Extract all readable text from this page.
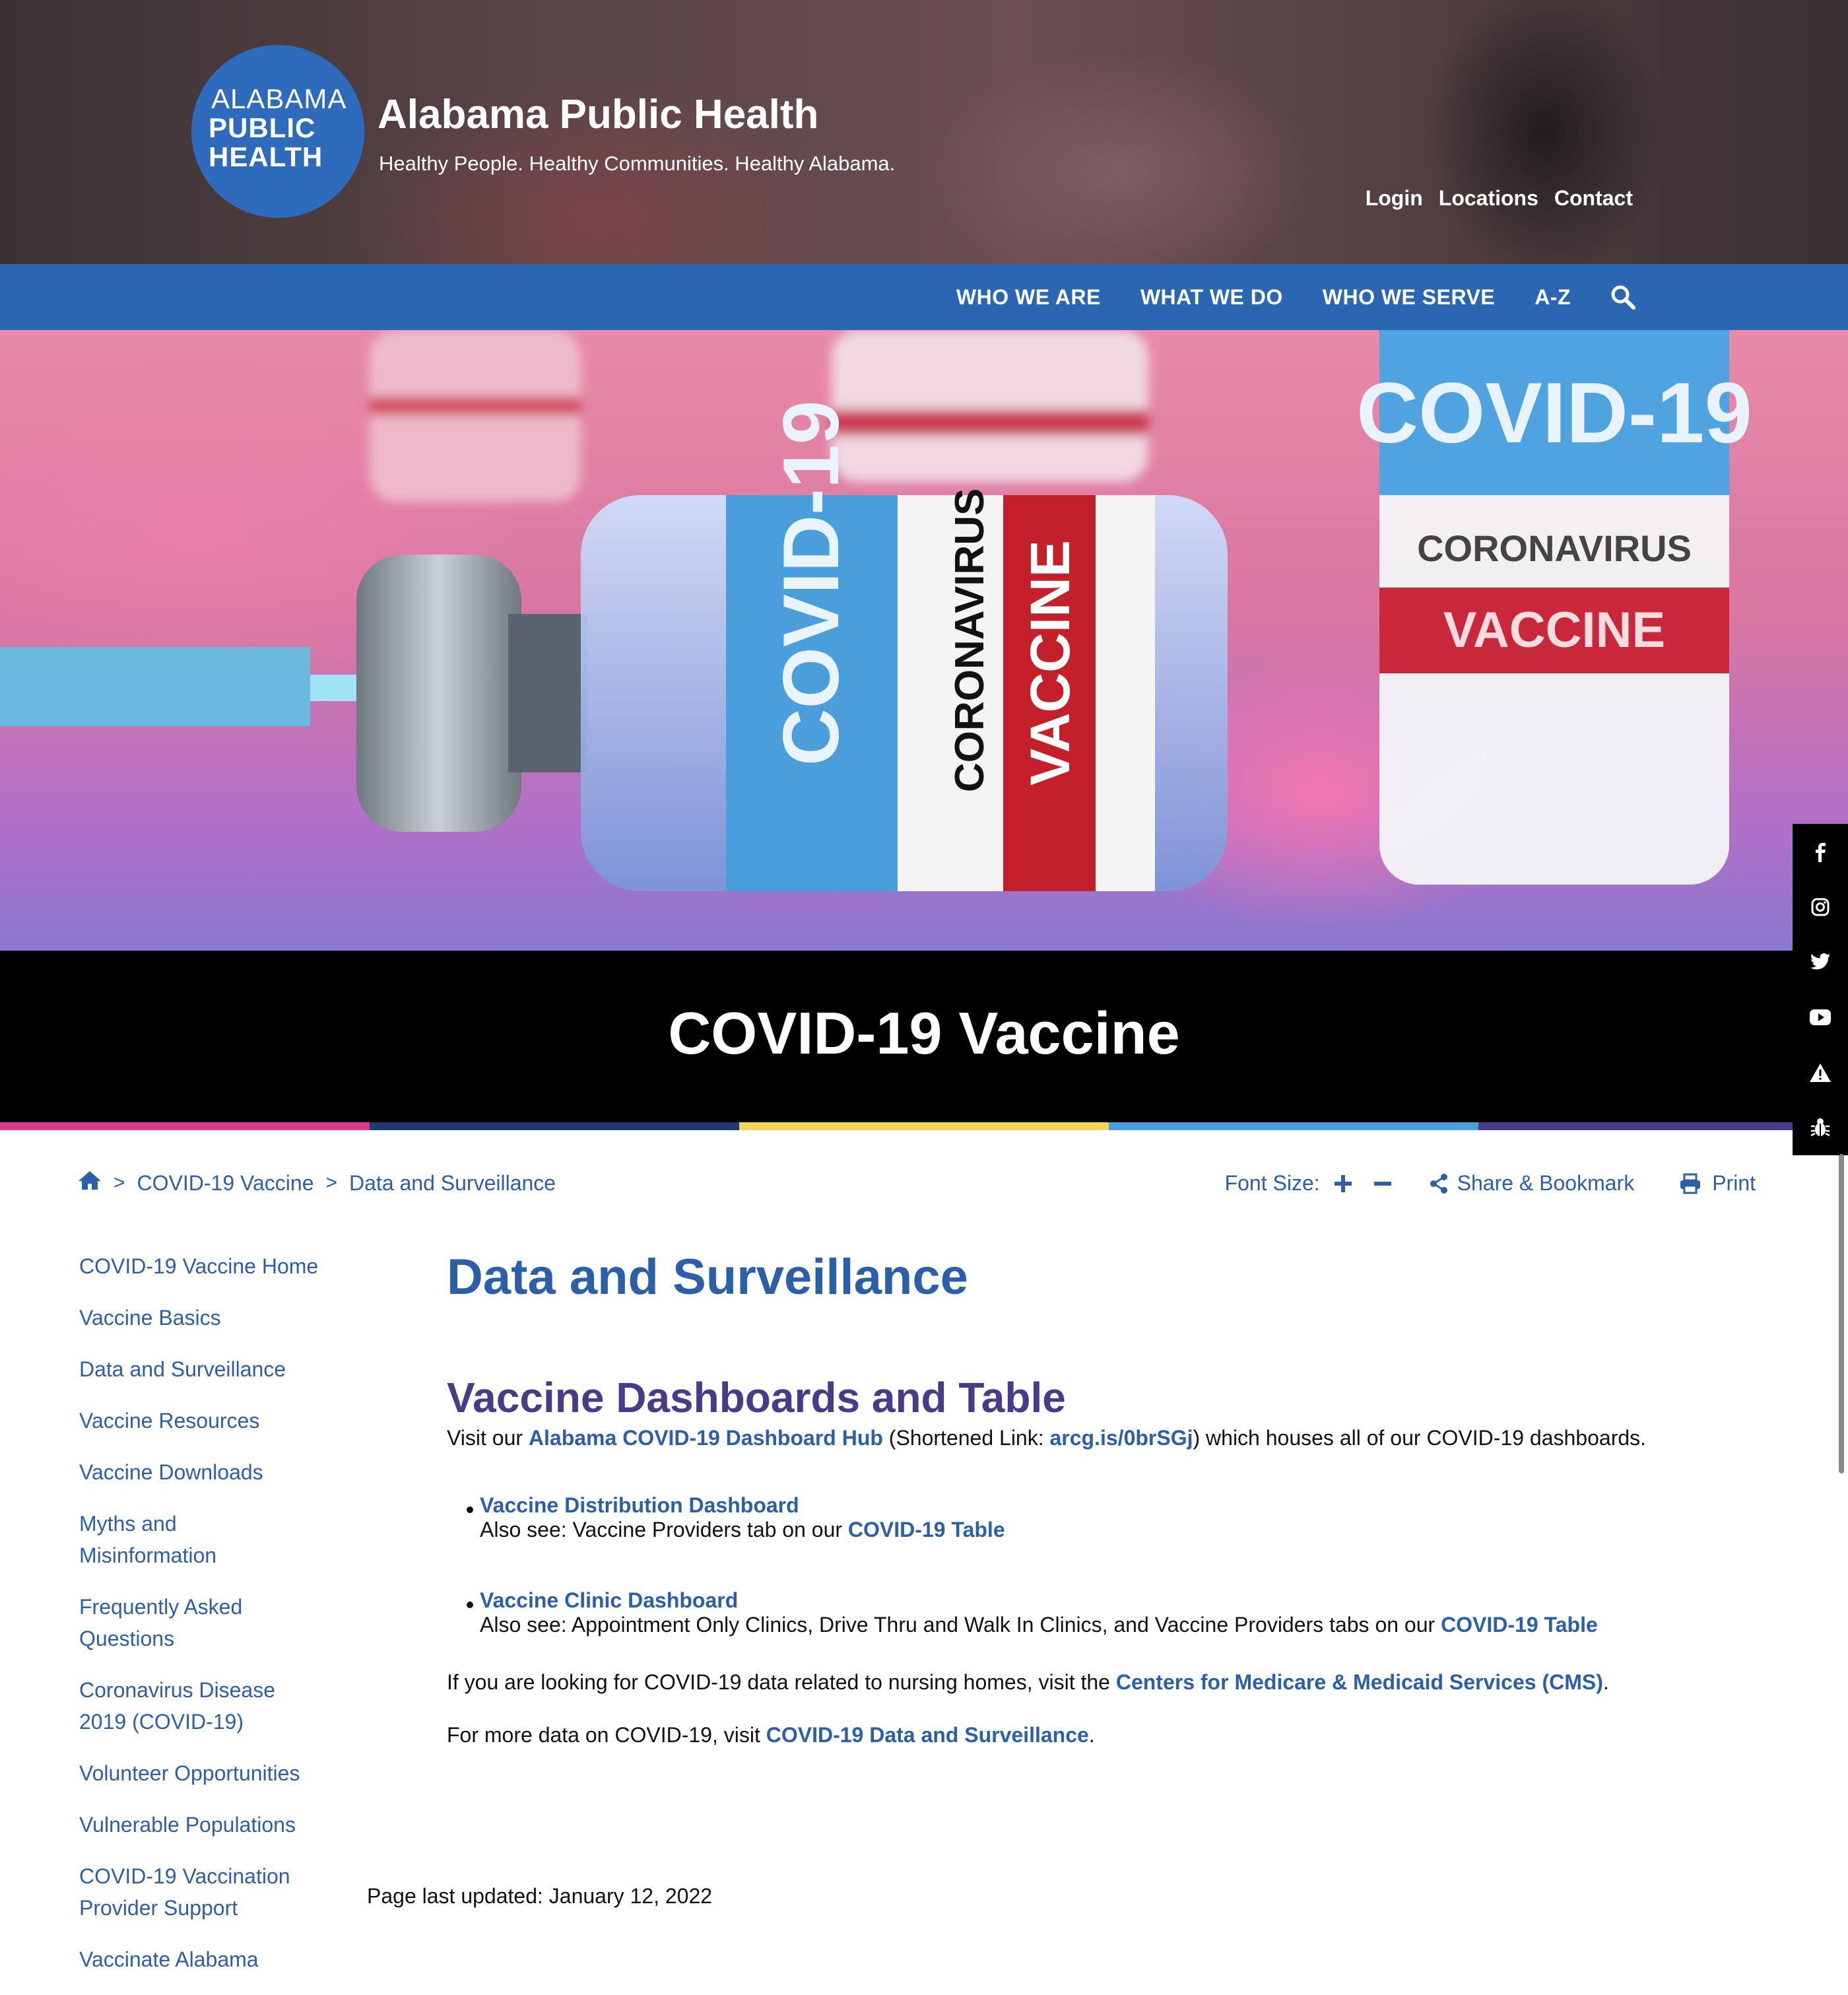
ALABAMA
PUBLIC
HEALTH
Alabama Public Health
Healthy People. Healthy Communities. Healthy Alabama.
Login Locations Contact
WHO WE ARE WHAT WE DO WHO WE SERVE A-Z
COVID-19
CORONAVIRUS
VACCINE
COVID-19 CORONAVIRUS VACCINE
COVID-19 Vaccine
> COVID-19 Vaccine > Data and Surveillance	Font Size:	Share & Bookmark	Print
COVID-19 Vaccine Home
Vaccine Basics
Data and Surveillance
Vaccine Resources
Vaccine Downloads
Myths and
Misinformation
Frequently Asked
Questions
Coronavirus Disease
2019 (COVID-19)
Volunteer Opportunities
Vulnerable Populations
COVID-19 Vaccination
Provider Support
Vaccinate Alabama
Data and Surveillance
Vaccine Dashboards and Table

Visit our Alabama COVID-19 Dashboard Hub (Shortened Link: arcg.is/0brSGj) which houses all of our COVID-19 dashboards.

Vaccine Distribution Dashboard
Also see: Vaccine Providers tab on our COVID-19 Table
Vaccine Clinic Dashboard
Also see: Appointment Only Clinics, Drive Thru and Walk In Clinics, and Vaccine Providers tabs on our COVID-19 Table

If you are looking for COVID-19 data related to nursing homes, visit the Centers for Medicare & Medicaid Services (CMS).

For more data on COVID-19, visit COVID-19 Data and Surveillance.

Page last updated: January 12, 2022
